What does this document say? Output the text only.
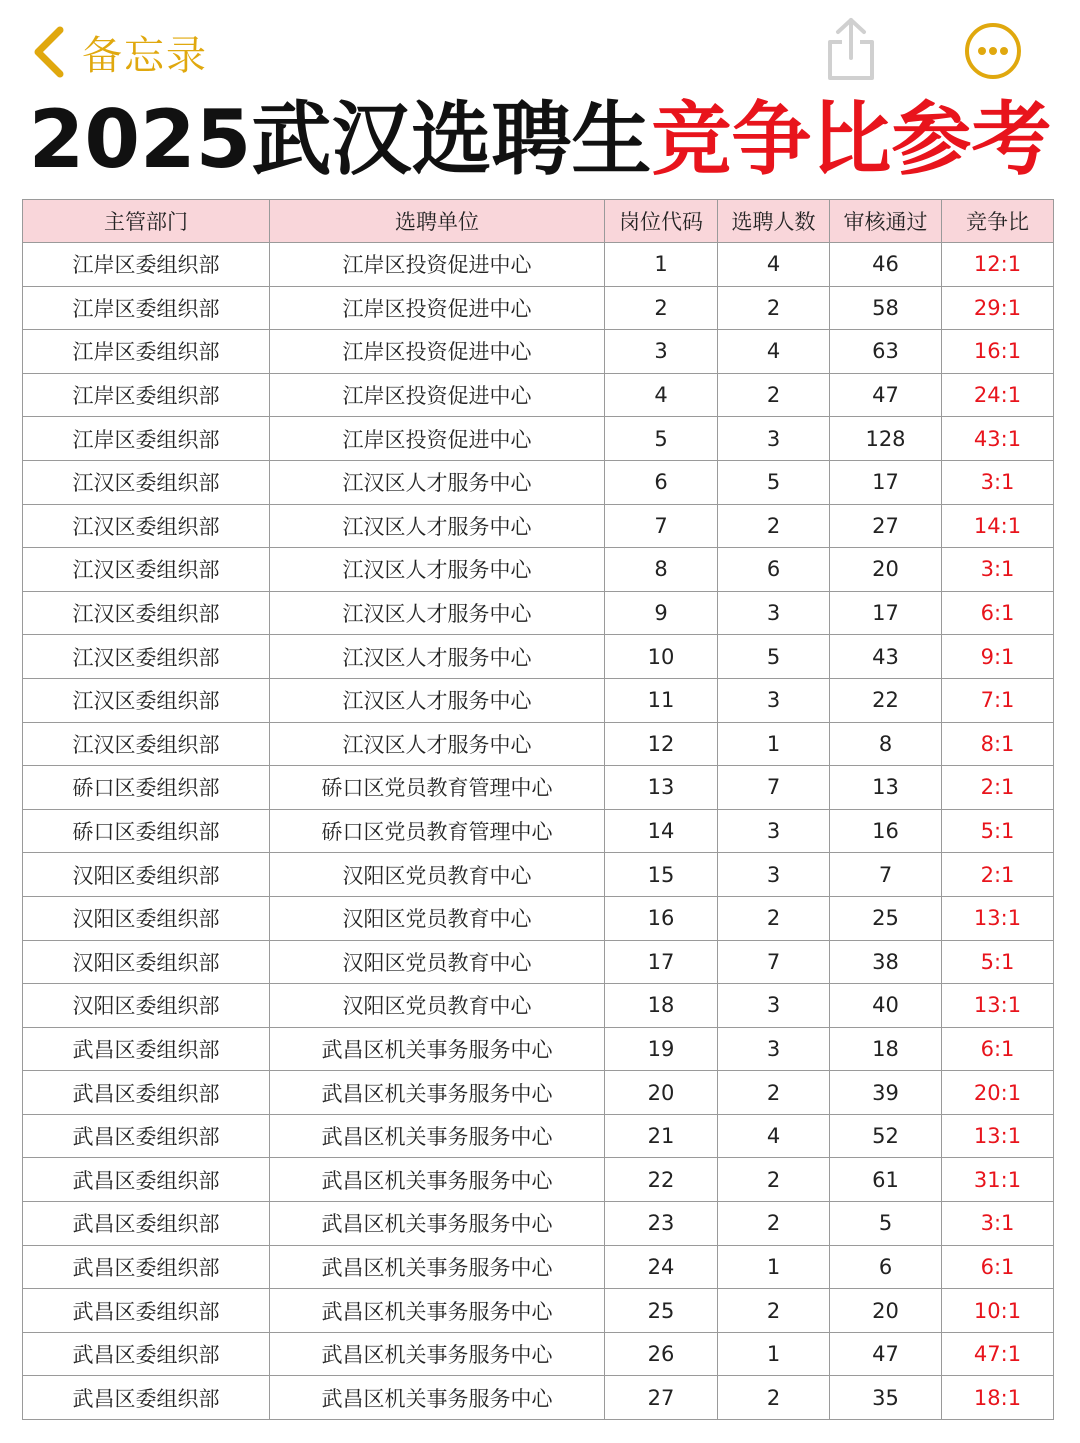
备忘录
2025武汉选聘生竞争比参考
主管部门	选聘单位	岗位代码	选聘人数	审核通过	竞争比
江岸区委组织部	江岸区投资促进中心	1	4	46	12:1
江岸区委组织部	江岸区投资促进中心	2	2	58	29:1
江岸区委组织部	江岸区投资促进中心	3	4	63	16:1
江岸区委组织部	江岸区投资促进中心	4	2	47	24:1
江岸区委组织部	江岸区投资促进中心	5	3	128	43:1
江汉区委组织部	江汉区人才服务中心	6	5	17	3:1
江汉区委组织部	江汉区人才服务中心	7	2	27	14:1
江汉区委组织部	江汉区人才服务中心	8	6	20	3:1
江汉区委组织部	江汉区人才服务中心	9	3	17	6:1
江汉区委组织部	江汉区人才服务中心	10	5	43	9:1
江汉区委组织部	江汉区人才服务中心	11	3	22	7:1
江汉区委组织部	江汉区人才服务中心	12	1	8	8:1
硚口区委组织部	硚口区党员教育管理中心	13	7	13	2:1
硚口区委组织部	硚口区党员教育管理中心	14	3	16	5:1
汉阳区委组织部	汉阳区党员教育中心	15	3	7	2:1
汉阳区委组织部	汉阳区党员教育中心	16	2	25	13:1
汉阳区委组织部	汉阳区党员教育中心	17	7	38	5:1
汉阳区委组织部	汉阳区党员教育中心	18	3	40	13:1
武昌区委组织部	武昌区机关事务服务中心	19	3	18	6:1
武昌区委组织部	武昌区机关事务服务中心	20	2	39	20:1
武昌区委组织部	武昌区机关事务服务中心	21	4	52	13:1
武昌区委组织部	武昌区机关事务服务中心	22	2	61	31:1
武昌区委组织部	武昌区机关事务服务中心	23	2	5	3:1
武昌区委组织部	武昌区机关事务服务中心	24	1	6	6:1
武昌区委组织部	武昌区机关事务服务中心	25	2	20	10:1
武昌区委组织部	武昌区机关事务服务中心	26	1	47	47:1
武昌区委组织部	武昌区机关事务服务中心	27	2	35	18:1
